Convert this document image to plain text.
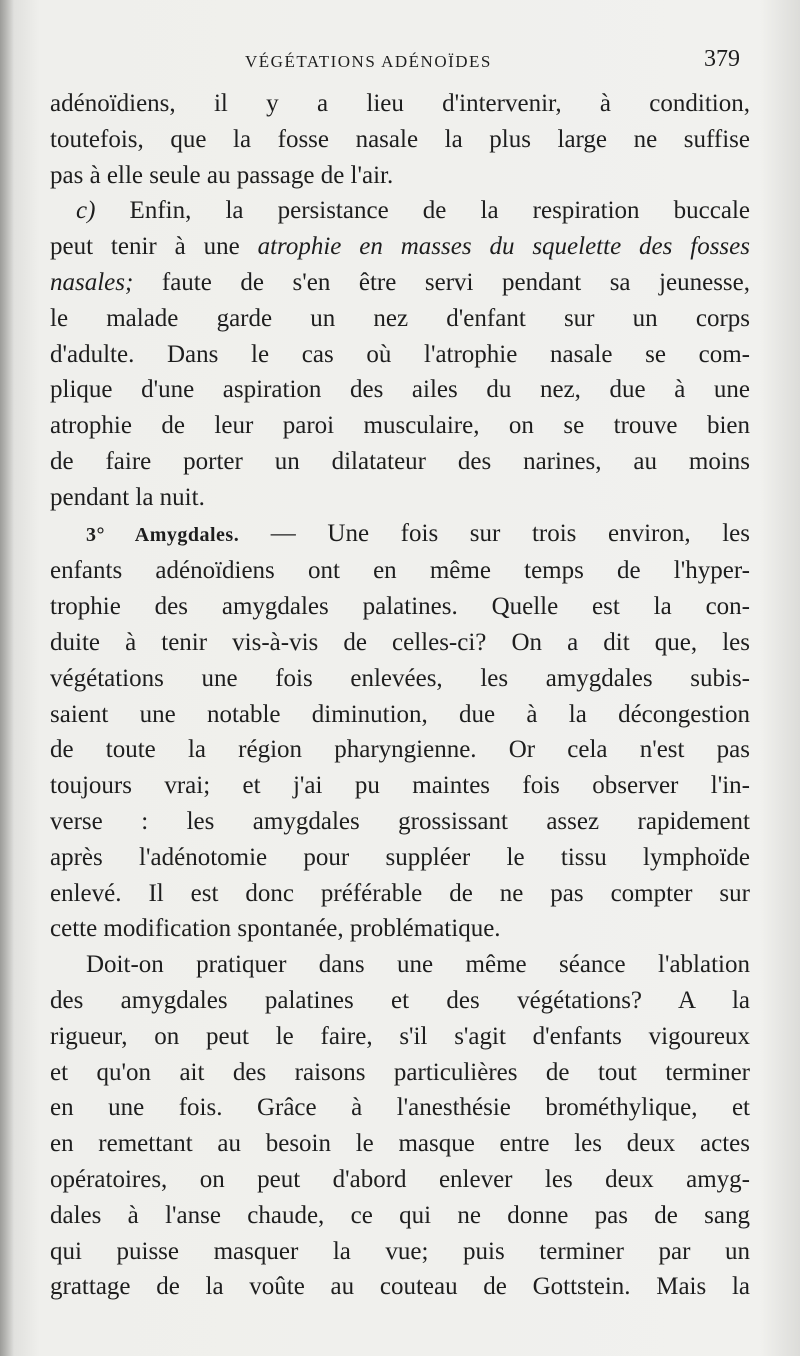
VÉGÉTATIONS ADÉNOÏDES	379

adénoïdiens, il y a lieu d'intervenir, à condition,
toutefois, que la fosse nasale la plus large ne suffise
pas à elle seule au passage de l'air.

c) Enfin, la persistance de la respiration buccale
peut tenir à une atrophie en masses du squelette des fosses
nasales; faute de s'en être servi pendant sa jeunesse,
le malade garde un nez d'enfant sur un corps
d'adulte. Dans le cas où l'atrophie nasale se com-
plique d'une aspiration des ailes du nez, due à une
atrophie de leur paroi musculaire, on se trouve bien
de faire porter un dilatateur des narines, au moins
pendant la nuit.

3° Amygdales. — Une fois sur trois environ, les
enfants adénoïdiens ont en même temps de l'hyper-
trophie des amygdales palatines. Quelle est la con-
duite à tenir vis-à-vis de celles-ci? On a dit que, les
végétations une fois enlevées, les amygdales subis-
saient une notable diminution, due à la décongestion
de toute la région pharyngienne. Or cela n'est pas
toujours vrai; et j'ai pu maintes fois observer l'in-
verse : les amygdales grossissant assez rapidement
après l'adénotomie pour suppléer le tissu lymphoïde
enlevé. Il est donc préférable de ne pas compter sur
cette modification spontanée, problématique.

Doit-on pratiquer dans une même séance l'ablation
des amygdales palatines et des végétations? A la
rigueur, on peut le faire, s'il s'agit d'enfants vigoureux
et qu'on ait des raisons particulières de tout terminer
en une fois. Grâce à l'anesthésie brométhylique, et
en remettant au besoin le masque entre les deux actes
opératoires, on peut d'abord enlever les deux amyg-
dales à l'anse chaude, ce qui ne donne pas de sang
qui puisse masquer la vue; puis terminer par un
grattage de la voûte au couteau de Gottstein. Mais la
